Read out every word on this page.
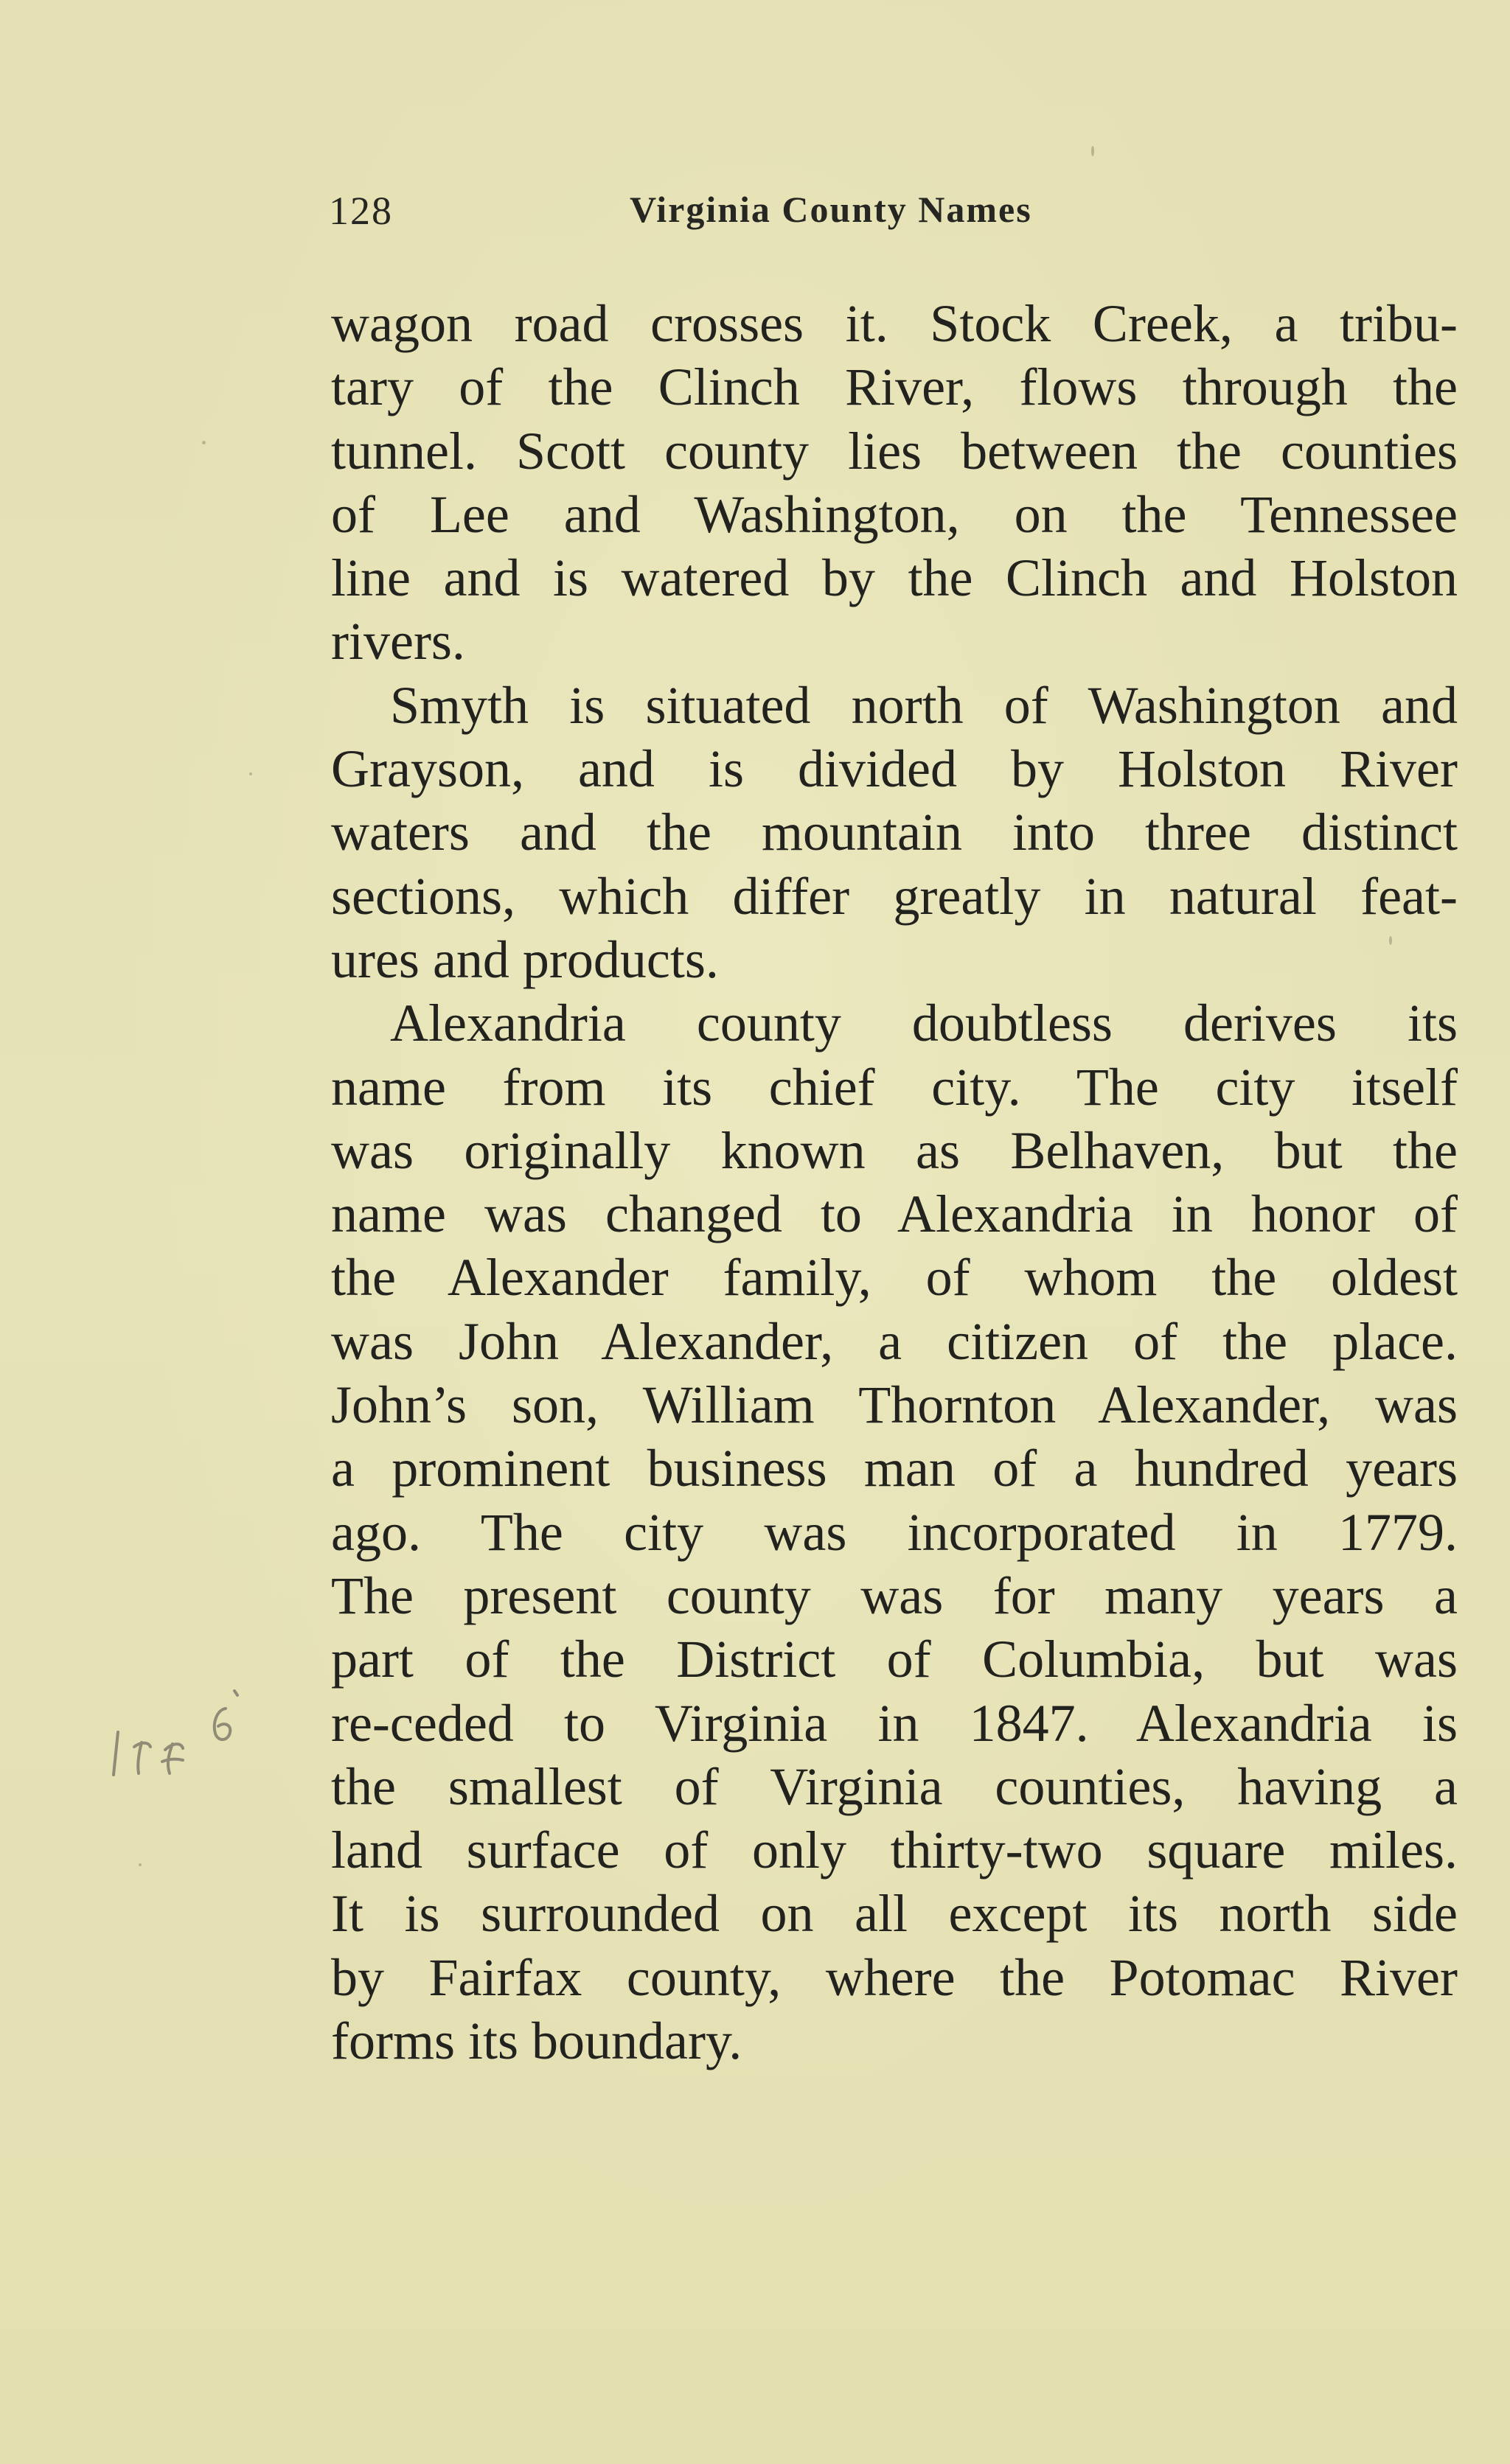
128	Virginia County Names
wagon road crosses it. Stock Creek, a tribu-
tary of the Clinch River, flows through the
tunnel. Scott county lies between the counties
of Lee and Washington, on the Tennessee
line and is watered by the Clinch and Holston
rivers.
Smyth is situated north of Washington and
Grayson, and is divided by Holston River
waters and the mountain into three distinct
sections, which differ greatly in natural feat-
ures and products.
Alexandria county doubtless derives its
name from its chief city. The city itself
was originally known as Belhaven, but the
name was changed to Alexandria in honor of
the Alexander family, of whom the oldest
was John Alexander, a citizen of the place.
John’s son, William Thornton Alexander, was
a prominent business man of a hundred years
ago. The city was incorporated in 1779.
The present county was for many years a
part of the District of Columbia, but was
re-ceded to Virginia in 1847. Alexandria is
the smallest of Virginia counties, having a
land surface of only thirty-two square miles.
It is surrounded on all except its north side
by Fairfax county, where the Potomac River
forms its boundary.
